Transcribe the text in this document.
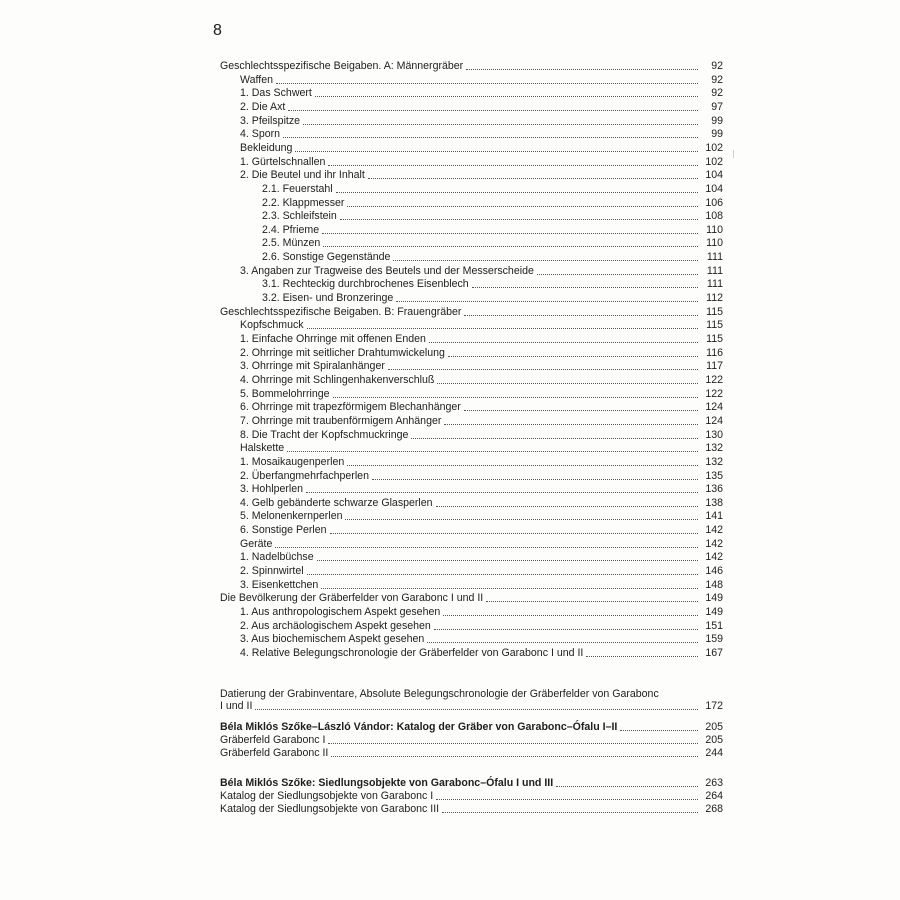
8
Geschlechtsspezifische Beigaben. A: Männergräber	92
Waffen	92
1. Das Schwert	92
2. Die Axt	97
3. Pfeilspitze	99
4. Sporn	99
Bekleidung	102
1. Gürtelschnallen	102
2. Die Beutel und ihr Inhalt	104
2.1. Feuerstahl	104
2.2. Klappmesser	106
2.3. Schleifstein	108
2.4. Pfrieme	110
2.5. Münzen	110
2.6. Sonstige Gegenstände	111
3. Angaben zur Tragweise des Beutels und der Messerscheide	111
3.1. Rechteckig durchbrochenes Eisenblech	111
3.2. Eisen- und Bronzeringe	112
Geschlechtsspezifische Beigaben. B: Frauengräber	115
Kopfschmuck	115
1. Einfache Ohrringe mit offenen Enden	115
2. Ohrringe mit seitlicher Drahtumwickelung	116
3. Ohrringe mit Spiralanhänger	117
4. Ohrringe mit Schlingenhakenverschluß	122
5. Bommelohrringe	122
6. Ohrringe mit trapezförmigem Blechanhänger	124
7. Ohrringe mit traubenförmigem Anhänger	124
8. Die Tracht der Kopfschmuckringe	130
Halskette	132
1. Mosaikaugenperlen	132
2. Überfangmehrfachperlen	135
3. Hohlperlen	136
4. Gelb gebänderte schwarze Glasperlen	138
5. Melonenkernperlen	141
6. Sonstige Perlen	142
Geräte	142
1. Nadelbüchse	142
2. Spinnwirtel	146
3. Eisenkettchen	148
Die Bevölkerung der Gräberfelder von Garabonc I und II	149
1. Aus anthropologischem Aspekt gesehen	149
2. Aus archäologischem Aspekt gesehen	151
3. Aus biochemischem Aspekt gesehen	159
4. Relative Belegungschronologie der Gräberfelder von Garabonc I und II	167
Datierung der Grabinventare, Absolute Belegungschronologie der Gräberfelder von Garabonc
I und II	172
Béla Miklós Szőke–László Vándor: Katalog der Gräber von Garabonc–Ófalu I–II	205
Gräberfeld Garabonc I	205
Gräberfeld Garabonc II	244
Béla Miklós Szőke: Siedlungsobjekte von Garabonc–Ófalu I und III	263
Katalog der Siedlungsobjekte von Garabonc I	264
Katalog der Siedlungsobjekte von Garabonc III	268
